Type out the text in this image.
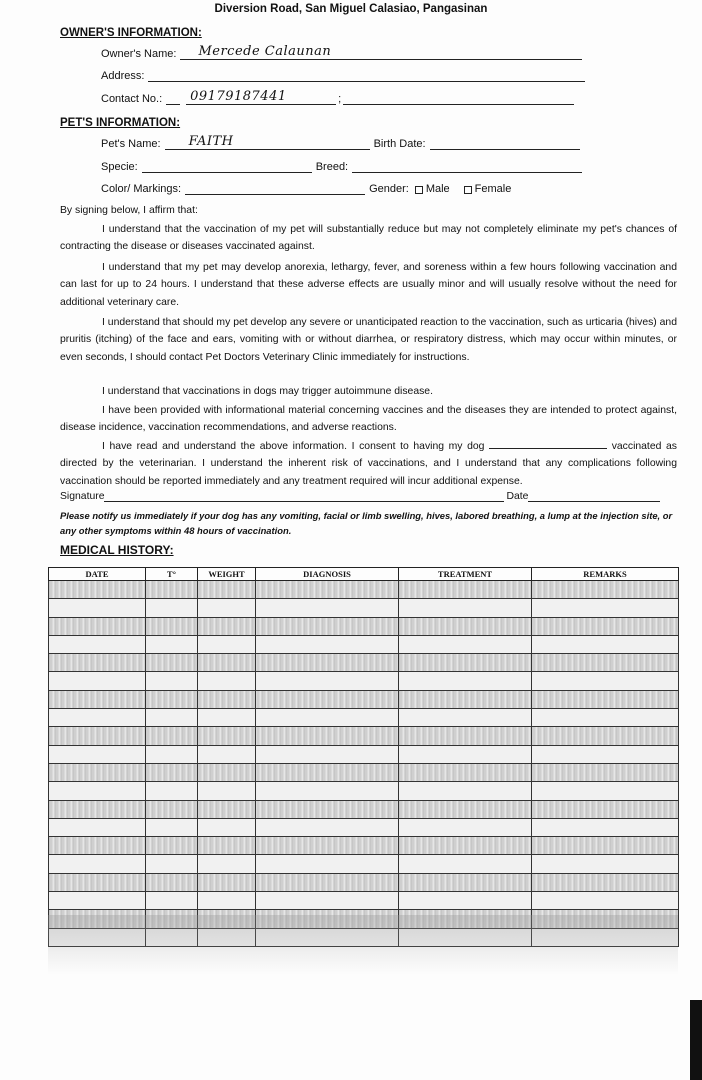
Diversion Road, San Miguel Calasiao, Pangasinan
OWNER'S INFORMATION:
Owner's Name:	Mercede Calaunan
Address:
Contact No.:	09179187441	;
PET'S INFORMATION:
Pet's Name:	FAITH	Birth Date:
Specie:	Breed:
Color/ Markings:	Gender:	Male Female
By signing below, I affirm that:
I understand that the vaccination of my pet will substantially reduce but may not completely eliminate my pet's chances of contracting the disease or diseases vaccinated against.
I understand that my pet may develop anorexia, lethargy, fever, and soreness within a few hours following vaccination and can last for up to 24 hours. I understand that these adverse effects are usually minor and will usually resolve without the need for additional veterinary care.
I understand that should my pet develop any severe or unanticipated reaction to the vaccination, such as urticaria (hives) and pruritis (itching) of the face and ears, vomiting with or without diarrhea, or respiratory distress, which may occur within minutes, or even seconds, I should contact Pet Doctors Veterinary Clinic immediately for instructions.
I understand that vaccinations in dogs may trigger autoimmune disease.
I have been provided with informational material concerning vaccines and the diseases they are intended to protect against, disease incidence, vaccination recommendations, and adverse reactions.
I have read and understand the above information. I consent to having my dog	vaccinated as directed by the veterinarian. I understand the inherent risk of vaccinations, and I understand that any complications following vaccination should be reported immediately and any treatment required will incur additional expense.
Signature	Date
Please notify us immediately if your dog has any vomiting, facial or limb swelling, hives, labored breathing, a lump at the injection site, or any other symptoms within 48 hours of vaccination.
MEDICAL HISTORY:
DATE	T°	WEIGHT	DIAGNOSIS	TREATMENT	REMARKS
